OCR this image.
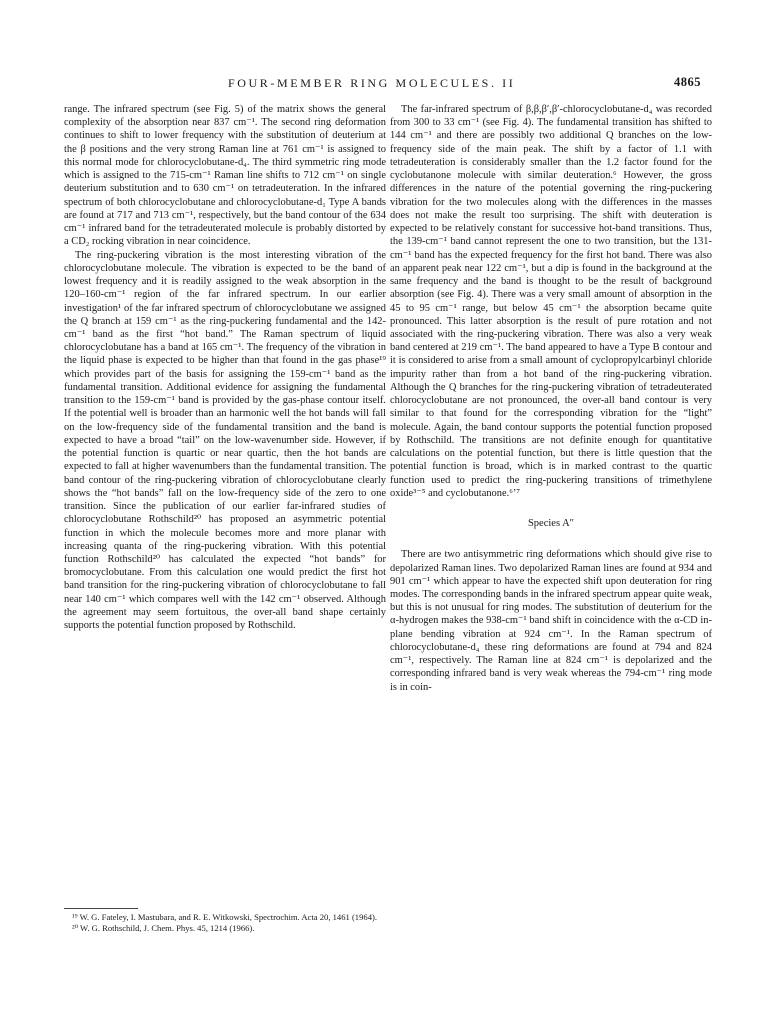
FOUR-MEMBER RING MOLECULES. II	4865

range. The infrared spectrum (see Fig. 5) of the matrix shows the general complexity of the absorption near 837 cm⁻¹. The second ring deformation continues to shift to lower frequency with the substitution of deuterium at the β positions and the very strong Raman line at 761 cm⁻¹ is assigned to this normal mode for chlorocyclobutane-d₄. The third symmetric ring mode which is assigned to the 715-cm⁻¹ Raman line shifts to 712 cm⁻¹ on single deuterium substitution and to 630 cm⁻¹ on tetradeuteration. In the infrared spectrum of both chlorocyclobutane and chlorocyclobutane-d₁ Type A bands are found at 717 and 713 cm⁻¹, respectively, but the band contour of the 634 cm⁻¹ infrared band for the tetradeuterated molecule is probably distorted by a CD₂ rocking vibration in near coincidence.

The ring-puckering vibration is the most interesting vibration of the chlorocyclobutane molecule. The vibration is expected to be the band of lowest frequency and it is readily assigned to the weak absorption in the 120–160-cm⁻¹ region of the far infrared spectrum. In our earlier investigation¹ of the far infrared spectrum of chlorocyclobutane we assigned the Q branch at 159 cm⁻¹ as the ring-puckering fundamental and the 142-cm⁻¹ band as the first “hot band.” The Raman spectrum of liquid chlorocyclobutane has a band at 165 cm⁻¹. The frequency of the vibration in the liquid phase is expected to be higher than that found in the gas phase¹⁹ which provides part of the basis for assigning the 159-cm⁻¹ band as the fundamental transition. Additional evidence for assigning the fundamental transition to the 159-cm⁻¹ band is provided by the gas-phase contour itself. If the potential well is broader than an harmonic well the hot bands will fall on the low-frequency side of the fundamental transition and the band is expected to have a broad “tail” on the low-wavenumber side. However, if the potential function is quartic or near quartic, then the hot bands are expected to fall at higher wavenumbers than the fundamental transition. The band contour of the ring-puckering vibration of chlorocyclobutane clearly shows the “hot bands” fall on the low-frequency side of the zero to one transition. Since the publication of our earlier far-infrared studies of chlorocyclobutane Rothschild²⁰ has proposed an asymmetric potential function in which the molecule becomes more and more planar with increasing quanta of the ring-puckering vibration. With this potential function Rothschild²⁰ has calculated the expected “hot bands” for bromocyclobutane. From this calculation one would predict the first hot band transition for the ring-puckering vibration of chlorocyclobutane to fall near 140 cm⁻¹ which compares well with the 142 cm⁻¹ observed. Although the agreement may seem fortuitous, the over-all band shape certainly supports the potential function proposed by Rothschild.

¹⁹ W. G. Fateley, I. Mastubara, and R. E. Witkowski, Spectrochim. Acta 20, 1461 (1964).

²⁰ W. G. Rothschild, J. Chem. Phys. 45, 1214 (1966).

The far-infrared spectrum of β,β,β′,β′-chlorocyclobutane-d₄ was recorded from 300 to 33 cm⁻¹ (see Fig. 4). The fundamental transition has shifted to 144 cm⁻¹ and there are possibly two additional Q branches on the low-frequency side of the main peak. The shift by a factor of 1.1 with tetradeuteration is considerably smaller than the 1.2 factor found for the cyclobutanone molecule with similar deuteration.⁶ However, the gross differences in the nature of the potential governing the ring-puckering vibration for the two molecules along with the differences in the masses does not make the result too surprising. The shift with deuteration is expected to be relatively constant for successive hot-band transitions. Thus, the 139-cm⁻¹ band cannot represent the one to two transition, but the 131-cm⁻¹ band has the expected frequency for the first hot band. There was also an apparent peak near 122 cm⁻¹, but a dip is found in the background at the same frequency and the band is thought to be the result of background absorption (see Fig. 4). There was a very small amount of absorption in the 45 to 95 cm⁻¹ range, but below 45 cm⁻¹ the absorption became quite pronounced. This latter absorption is the result of pure rotation and not associated with the ring-puckering vibration. There was also a very weak band centered at 219 cm⁻¹. The band appeared to have a Type B contour and it is considered to arise from a small amount of cyclopropylcarbinyl chloride impurity rather than from a hot band of the ring-puckering vibration. Although the Q branches for the ring-puckering vibration of tetradeuterated chlorocyclobutane are not pronounced, the over-all band contour is very similar to that found for the corresponding vibration for the “light” molecule. Again, the band contour supports the potential function proposed by Rothschild. The transitions are not definite enough for quantitative calculations on the potential function, but there is little question that the potential function is broad, which is in marked contrast to the quartic function used to predict the ring-puckering transitions of trimethylene oxide³⁻⁵ and cyclobutanone.⁶ʼ⁷

Species A″

There are two antisymmetric ring deformations which should give rise to depolarized Raman lines. Two depolarized Raman lines are found at 934 and 901 cm⁻¹ which appear to have the expected shift upon deuteration for ring modes. The corresponding bands in the infrared spectrum appear quite weak, but this is not unusual for ring modes. The substitution of deuterium for the α-hydrogen makes the 938-cm⁻¹ band shift in coincidence with the α-CD in-plane bending vibration at 924 cm⁻¹. In the Raman spectrum of chlorocyclobutane-d₄ these ring deformations are found at 794 and 824 cm⁻¹, respectively. The Raman line at 824 cm⁻¹ is depolarized and the corresponding infrared band is very weak whereas the 794-cm⁻¹ ring mode is in coin-
